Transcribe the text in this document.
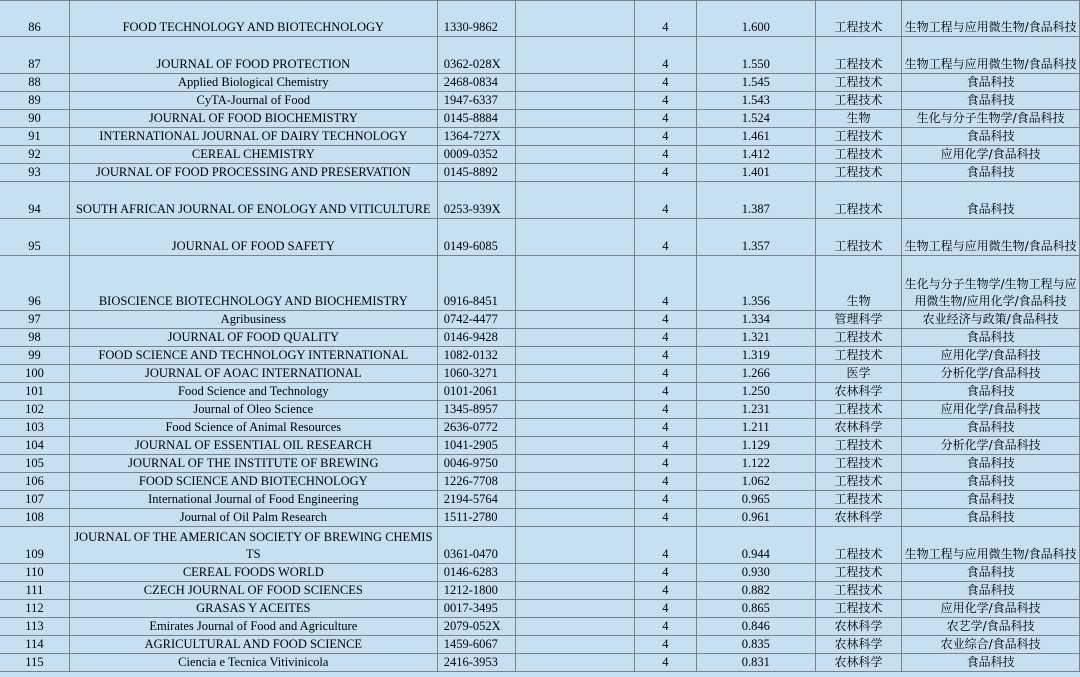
86	FOOD TECHNOLOGY AND BIOTECHNOLOGY	1330-9862		4	1.600	工程技术	生物工程与应用微生物/食品科技
87	JOURNAL OF FOOD PROTECTION	0362-028X		4	1.550	工程技术	生物工程与应用微生物/食品科技
88	Applied Biological Chemistry	2468-0834		4	1.545	工程技术	食品科技
89	CyTA-Journal of Food	1947-6337		4	1.543	工程技术	食品科技
90	JOURNAL OF FOOD BIOCHEMISTRY	0145-8884		4	1.524	生物	生化与分子生物学/食品科技
91	INTERNATIONAL JOURNAL OF DAIRY TECHNOLOGY	1364-727X		4	1.461	工程技术	食品科技
92	CEREAL CHEMISTRY	0009-0352		4	1.412	工程技术	应用化学/食品科技
93	JOURNAL OF FOOD PROCESSING AND PRESERVATION	0145-8892		4	1.401	工程技术	食品科技
94	SOUTH AFRICAN JOURNAL OF ENOLOGY AND VITICULTURE	0253-939X		4	1.387	工程技术	食品科技
95	JOURNAL OF FOOD SAFETY	0149-6085		4	1.357	工程技术	生物工程与应用微生物/食品科技
96	BIOSCIENCE BIOTECHNOLOGY AND BIOCHEMISTRY	0916-8451		4	1.356	生物	生化与分子生物学/生物工程与应用微生物/应用化学/食品科技
97	Agribusiness	0742-4477		4	1.334	管理科学	农业经济与政策/食品科技
98	JOURNAL OF FOOD QUALITY	0146-9428		4	1.321	工程技术	食品科技
99	FOOD SCIENCE AND TECHNOLOGY INTERNATIONAL	1082-0132		4	1.319	工程技术	应用化学/食品科技
100	JOURNAL OF AOAC INTERNATIONAL	1060-3271		4	1.266	医学	分析化学/食品科技
101	Food Science and Technology	0101-2061		4	1.250	农林科学	食品科技
102	Journal of Oleo Science	1345-8957		4	1.231	工程技术	应用化学/食品科技
103	Food Science of Animal Resources	2636-0772		4	1.211	农林科学	食品科技
104	JOURNAL OF ESSENTIAL OIL RESEARCH	1041-2905		4	1.129	工程技术	分析化学/食品科技
105	JOURNAL OF THE INSTITUTE OF BREWING	0046-9750		4	1.122	工程技术	食品科技
106	FOOD SCIENCE AND BIOTECHNOLOGY	1226-7708		4	1.062	工程技术	食品科技
107	International Journal of Food Engineering	2194-5764		4	0.965	工程技术	食品科技
108	Journal of Oil Palm Research	1511-2780		4	0.961	农林科学	食品科技
109	JOURNAL OF THE AMERICAN SOCIETY OF BREWING CHEMISTS	0361-0470		4	0.944	工程技术	生物工程与应用微生物/食品科技
110	CEREAL FOODS WORLD	0146-6283		4	0.930	工程技术	食品科技
111	CZECH JOURNAL OF FOOD SCIENCES	1212-1800		4	0.882	工程技术	食品科技
112	GRASAS Y ACEITES	0017-3495		4	0.865	工程技术	应用化学/食品科技
113	Emirates Journal of Food and Agriculture	2079-052X		4	0.846	农林科学	农艺学/食品科技
114	AGRICULTURAL AND FOOD SCIENCE	1459-6067		4	0.835	农林科学	农业综合/食品科技
115	Ciencia e Tecnica Vitivinicola	2416-3953		4	0.831	农林科学	食品科技
